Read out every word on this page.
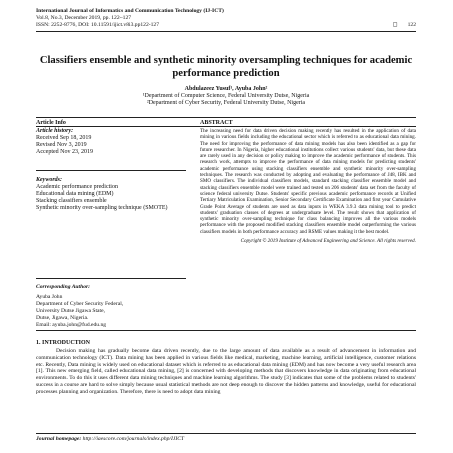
International Journal of Informatics and Communication Technology (IJ-ICT)
Vol.8, No.3, December 2019, pp. 122~127
ISSN: 2252-8776, DOI: 10.11591/ijict.v8i3.pp122-127	◻ 122
Classifiers ensemble and synthetic minority oversampling techniques for academic performance prediction
Abdulazeez Yusuf¹, Ayuba John²
¹Department of Computer Science, Federal University Dutse, Nigeria
²Department of Cyber Security, Federal University Dutse, Nigeria
Article Info	ABSTRACT
Article history:
Received Sep 18, 2019
Revised Nov 3, 2019
Accepted Nov 23, 2019
Keywords:
Academic performance prediction
Educational data mining (EDM)
Stacking classifiers ensemble
Synthetic minority over-sampling technique (SMOTE)
The increasing need for data driven decision making recently has resulted in the application of data mining in various fields including the educational sector which is referred to as educational data mining. The need for improving the performance of data mining models has also been identified as a gap for future researcher. In Nigeria, higher educational institutions collect various students' data, but these data are rarely used in any decision or policy making to improve the academic performance of students. This research work, attempts to improve the performance of data mining models for predicting students' academic performance using stacking classifiers ensemble and synthetic minority over-sampling techniques. The research was conducted by adopting and evaluating the performance of J48, IBK and SMO classifiers. The individual classifiers models, standard stacking classifier ensemble model and stacking classifiers ensemble model were trained and tested on 206 students' data set from the faculty of science federal university Dutse. Students' specific previous academic performance records at Unified Tertiary Matriculation Examination, Senior Secondary Certificate Examination and first year Cumulative Grade Point Average of students are used as data inputs in WEKA 3.9.3 data mining tool to predict students' graduation classes of degrees at undergraduate level. The result shows that application of synthetic minority over-sampling technique for class balancing improves all the various models performance with the proposed modified stacking classifiers ensemble model outperforming the various classifiers models in both performance accuracy and RSME values making it the best model.
Copyright © 2019 Institute of Advanced Engineering and Science. All rights reserved.
Corresponding Author:
Ayuba John
Department of Cyber Security Federal,
University Dutse Jigawa State,
Dutse, Jigawa, Nigeria.
Email: ayuba.john@fud.edu.ng
1. INTRODUCTION
Decision making has gradually become data driven recently, due to the large amount of data available as a result of advancement in information and communication technology (ICT). Data mining has been applied in various fields like medical, marketing, machine learning, artificial intelligence, customer relations etc. Recently, Data mining is widely used on educational dataset which is referred to as educational data mining (EDM) and has now become a very useful research area [1]. This new emerging field, called educational data mining, [2] is concerned with developing methods that discovers knowledge in data originating from educational environments. To do this it uses different data mining techniques and machine learning algorithms. The study [3] indicates that some of the problems related to students' success in a course are hard to solve simply because usual statistical methods are not deep enough to discover the hidden patterns and knowledge, useful for educational processes planning and organization. Therefore, there is need to adopt data mining
Journal homepage: http://iaescore.com/journals/index.php/IJICT
